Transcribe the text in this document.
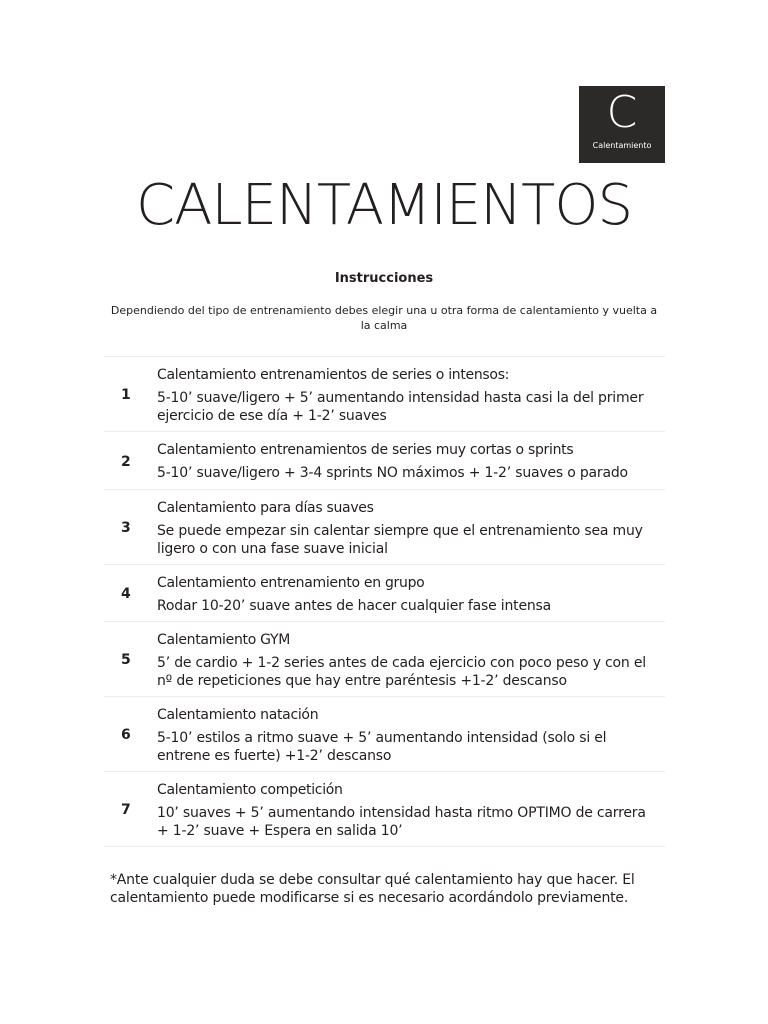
C
Calentamiento
CALENTAMIENTOS
Instrucciones
Dependiendo del tipo de entrenamiento debes elegir una u otra forma de calentamiento y vuelta a la calma
1
Calentamiento entrenamientos de series o intensos:
5-10’ suave/ligero + 5’ aumentando intensidad hasta casi la del primer ejercicio de ese día + 1-2’ suaves
2
Calentamiento entrenamientos de series muy cortas o sprints
5-10’ suave/ligero + 3-4 sprints NO máximos + 1-2’ suaves o parado
3
Calentamiento para días suaves
Se puede empezar sin calentar siempre que el entrenamiento sea muy ligero o con una fase suave inicial
4
Calentamiento entrenamiento en grupo
Rodar 10-20’ suave antes de hacer cualquier fase intensa
5
Calentamiento GYM
5’ de cardio + 1-2 series antes de cada ejercicio con poco peso y con el nº de repeticiones que hay entre paréntesis +1-2’ descanso
6
Calentamiento natación
5-10’ estilos a ritmo suave + 5’ aumentando intensidad (solo si el entrene es fuerte) +1-2’ descanso
7
Calentamiento competición
10’ suaves + 5’ aumentando intensidad hasta ritmo OPTIMO de carrera + 1-2’ suave + Espera en salida 10’
*Ante cualquier duda se debe consultar qué calentamiento hay que hacer. El calentamiento puede modificarse si es necesario acordándolo previamente.
